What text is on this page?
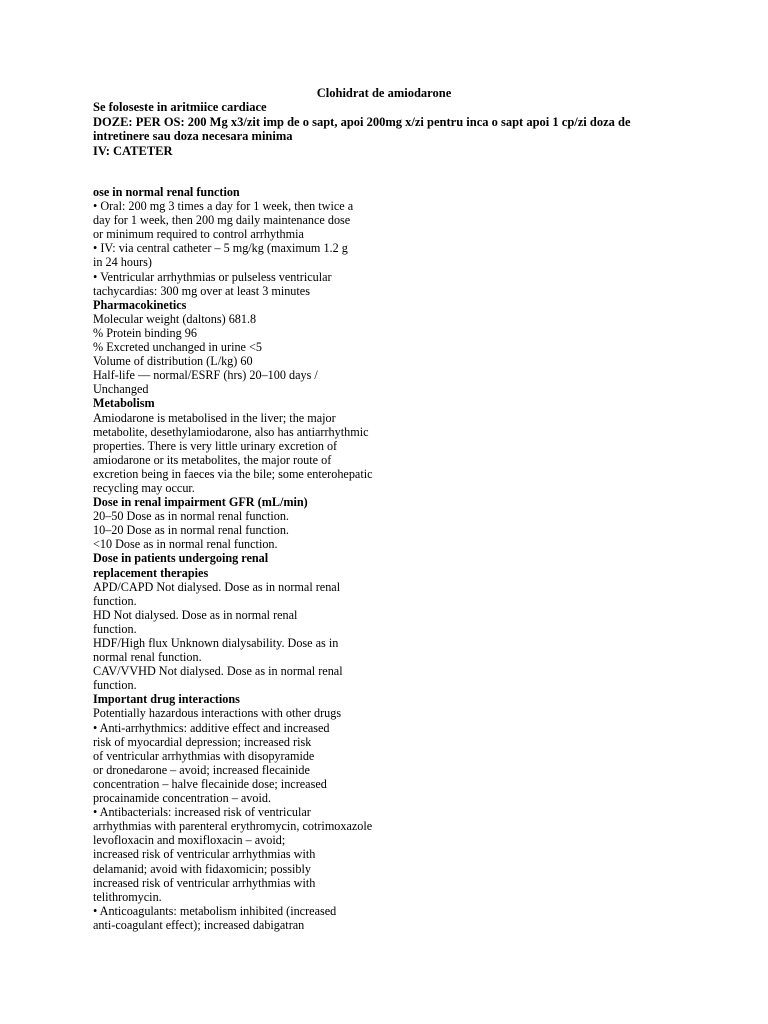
Clohidrat de amiodarone

Se foloseste in aritmiice cardiace

DOZE: PER OS: 200 Mg x3/zit imp de o sapt, apoi 200mg x/zi pentru inca o sapt apoi 1 cp/zi doza de intretinere sau doza necesara minima

IV: CATETER

ose in normal renal function
• Oral: 200 mg 3 times a day for 1 week, then twice a
day for 1 week, then 200 mg daily maintenance dose
or minimum required to control arrhythmia
• IV: via central catheter – 5 mg/kg (maximum 1.2 g
in 24 hours)
• Ventricular arrhythmias or pulseless ventricular
tachycardias: 300 mg over at least 3 minutes
Pharmacokinetics
Molecular weight (daltons) 681.8
% Protein binding 96
% Excreted unchanged in urine <5
Volume of distribution (L/kg) 60
Half-life — normal/ESRF (hrs) 20–100 days /
Unchanged
Metabolism
Amiodarone is metabolised in the liver; the major
metabolite, desethylamiodarone, also has antiarrhythmic
properties. There is very little urinary excretion of
amiodarone or its metabolites, the major route of
excretion being in faeces via the bile; some enterohepatic
recycling may occur.
Dose in renal impairment GFR (mL/min)
20–50 Dose as in normal renal function.
10–20 Dose as in normal renal function.
<10 Dose as in normal renal function.
Dose in patients undergoing renal
replacement therapies
APD/CAPD Not dialysed. Dose as in normal renal
function.
HD Not dialysed. Dose as in normal renal
function.
HDF/High flux Unknown dialysability. Dose as in
normal renal function.
CAV/VVHD Not dialysed. Dose as in normal renal
function.
Important drug interactions
Potentially hazardous interactions with other drugs
• Anti-arrhythmics: additive effect and increased
risk of myocardial depression; increased risk
of ventricular arrhythmias with disopyramide
or dronedarone – avoid; increased flecainide
concentration – halve flecainide dose; increased
procainamide concentration – avoid.
• Antibacterials: increased risk of ventricular
arrhythmias with parenteral erythromycin, cotrimoxazole
levofloxacin and moxifloxacin – avoid;
increased risk of ventricular arrhythmias with
delamanid; avoid with fidaxomicin; possibly
increased risk of ventricular arrhythmias with
telithromycin.
• Anticoagulants: metabolism inhibited (increased
anti-coagulant effect); increased dabigatran
